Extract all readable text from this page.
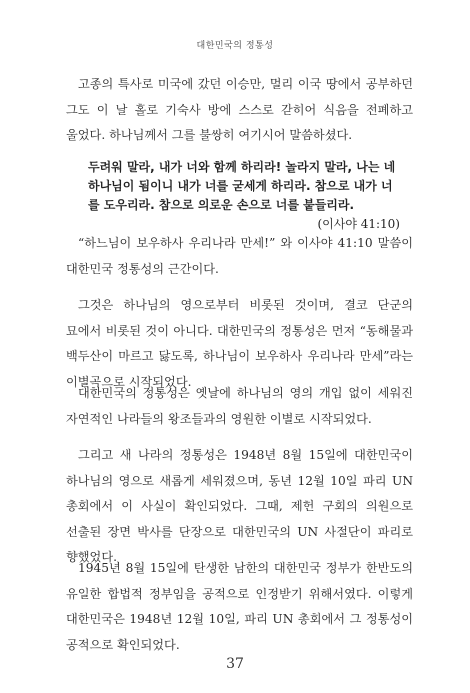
대한민국의 정통성

고종의 특사로 미국에 갔던 이승만, 멀리 이국 땅에서 공부하던 그도 이 날 홀로 기숙사 방에 스스로 갇히어 식음을 전폐하고 울었다. 하나님께서 그를 불쌍히 여기시어 말씀하셨다.

두려워 말라, 내가 너와 함께 하리라! 놀라지 말라, 나는 네 하나님이 됨이니 내가 너를 굳세게 하리라. 참으로 내가 너를 도우리라. 참으로 의로운 손으로 너를 붙들리라.
(이사야 41:10)

“하느님이 보우하사 우리나라 만세!” 와 이사야 41:10 말씀이 대한민국 정통성의 근간이다.

그것은 하나님의 영으로부터 비롯된 것이며, 결코 단군의 묘에서 비롯된 것이 아니다. 대한민국의 정통성은 먼저 “동해물과 백두산이 마르고 닳도록, 하나님이 보우하사 우리나라 만세”라는 이별곡으로 시작되었다.

대한민국의 정통성은 옛날에 하나님의 영의 개입 없이 세워진 자연적인 나라들의 왕조들과의 영원한 이별로 시작되었다.

그리고 새 나라의 정통성은 1948년 8월 15일에 대한민국이 하나님의 영으로 새롭게 세워졌으며, 동년 12월 10일 파리 UN 총회에서 이 사실이 확인되었다. 그때, 제헌 구회의 의원으로 선출된 장면 박사를 단장으로 대한민국의 UN 사절단이 파리로 향했었다.

1945년 8월 15일에 탄생한 남한의 대한민국 정부가 한반도의 유일한 합법적 정부임을 공적으로 인정받기 위해서였다. 이렇게 대한민국은 1948년 12월 10일, 파리 UN 총회에서 그 정통성이 공적으로 확인되었다.

37
